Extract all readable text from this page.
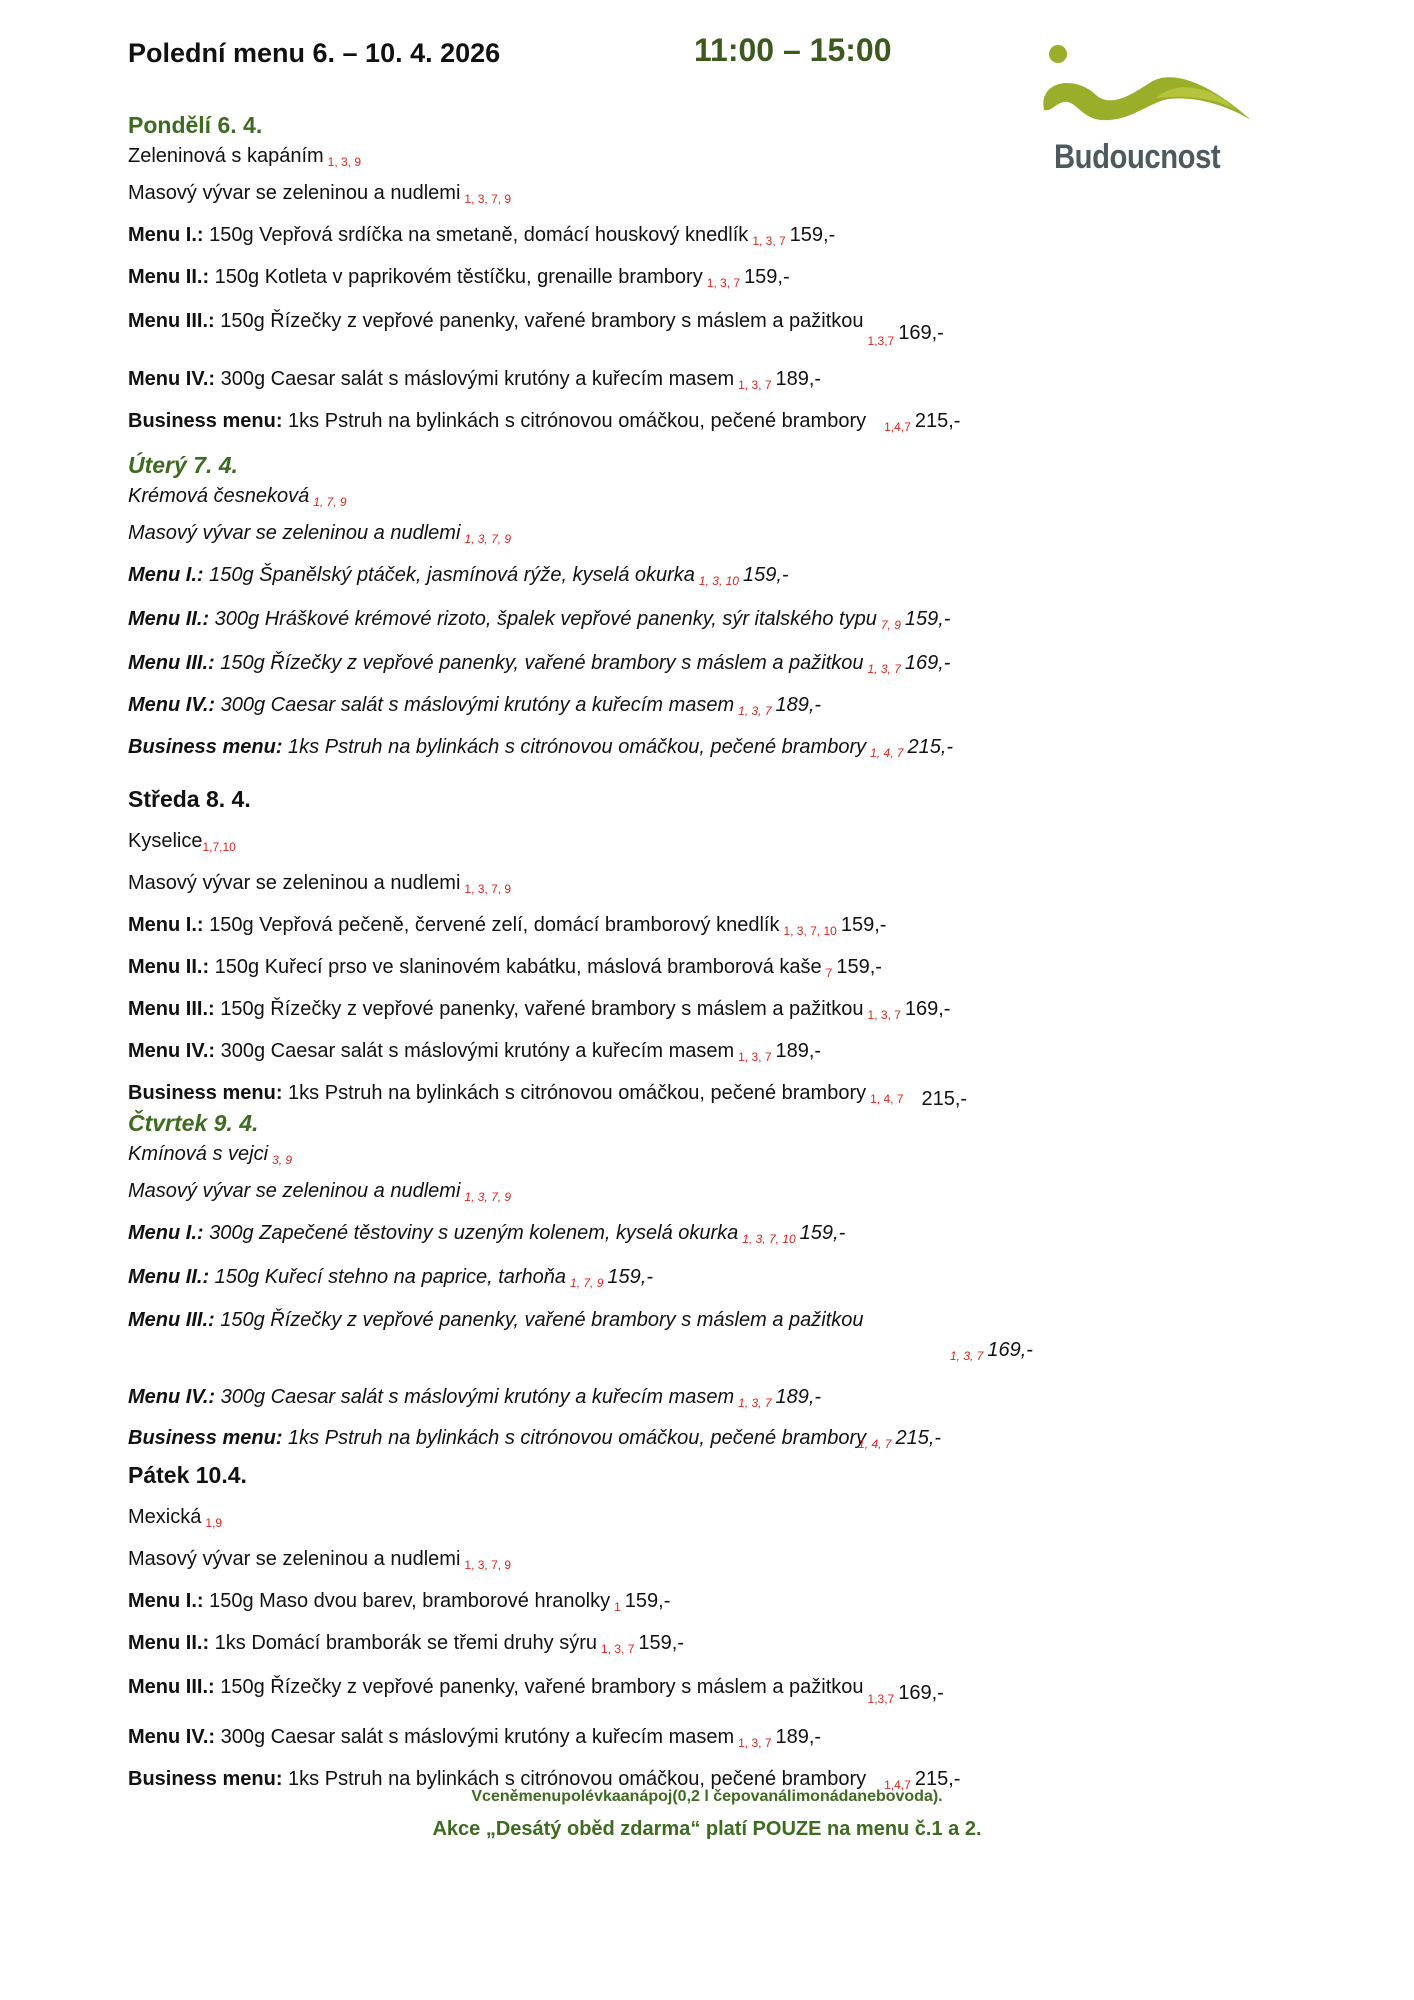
Polední menu 6. – 10. 4. 2026	11:00 – 15:00
Budoucnost
Pondělí 6. 4.
Zeleninová s kapáním $_{1, 3, 9}$
Masový vývar se zeleninou a nudlemi $_{1, 3, 7, 9}$
Menu I.: 150g Vepřová srdíčka na smetaně, domácí houskový knedlík $_{1, 3, 7}$ 159,-
Menu II.: 150g Kotleta v paprikovém těstíčku, grenaille brambory $_{1, 3, 7}$ 159,-
Menu III.: 150g Řízečky z vepřové panenky, vařené brambory s máslem a pažitkou$_{1,3,7}$ 169,-
Menu IV.: 300g Caesar salát s máslovými krutóny a kuřecím masem $_{1, 3, 7}$ 189,-
Business menu: 1ks Pstruh na bylinkách s citrónovou omáčkou, pečené brambory $_{1,4,7}$ 215,-
Úterý 7. 4.
Krémová česneková $_{1, 7, 9}$
Masový vývar se zeleninou a nudlemi $_{1, 3, 7, 9}$
Menu I.: 150g Španělský ptáček, jasmínová rýže, kyselá okurka $_{1, 3, 10}$ 159,-
Menu II.: 300g Hráškové krémové rizoto, špalek vepřové panenky, sýr italského typu $_{7, 9}$ 159,-
Menu III.: 150g Řízečky z vepřové panenky, vařené brambory s máslem a pažitkou $_{1, 3, 7}$ 169,-
Menu IV.: 300g Caesar salát s máslovými krutóny a kuřecím masem $_{1, 3, 7}$ 189,-
Business menu: 1ks Pstruh na bylinkách s citrónovou omáčkou, pečené brambory $_{1, 4, 7}$ 215,-
Středa 8. 4.
Kyselice$_{1,7,10}$
Masový vývar se zeleninou a nudlemi $_{1, 3, 7, 9}$
Menu I.: 150g Vepřová pečeně, červené zelí, domácí bramborový knedlík $_{1, 3, 7, 10}$ 159,-
Menu II.: 150g Kuřecí prso ve slaninovém kabátku, máslová bramborová kaše $_7$ 159,-
Menu III.: 150g Řízečky z vepřové panenky, vařené brambory s máslem a pažitkou $_{1, 3, 7}$ 169,-
Menu IV.: 300g Caesar salát s máslovými krutóny a kuřecím masem $_{1, 3, 7}$ 189,-
Business menu: 1ks Pstruh na bylinkách s citrónovou omáčkou, pečené brambory $_{1, 4, 7}$ 215,-
Čtvrtek 9. 4.
Kmínová s vejci $_{3, 9}$
Masový vývar se zeleninou a nudlemi $_{1, 3, 7, 9}$
Menu I.: 300g Zapečené těstoviny s uzeným kolenem, kyselá okurka $_{1, 3, 7, 10}$ 159,-
Menu II.: 150g Kuřecí stehno na paprice, tarhoňa $_{1, 7, 9}$ 159,-
Menu III.: 150g Řízečky z vepřové panenky, vařené brambory s máslem a pažitkou
$_{1, 3, 7}$ 169,-
Menu IV.: 300g Caesar salát s máslovými krutóny a kuřecím masem $_{1, 3, 7}$ 189,-
Business menu: 1ks Pstruh na bylinkách s citrónovou omáčkou, pečené brambory$_{1, 4, 7}$ 215,-
Pátek 10.4.
Mexická $_{1,9}$
Masový vývar se zeleninou a nudlemi $_{1, 3, 7, 9}$
Menu I.: 150g Maso dvou barev, bramborové hranolky $_1$ 159,-
Menu II.: 1ks Domácí bramborák se třemi druhy sýru $_{1, 3, 7}$ 159,-
Menu III.: 150g Řízečky z vepřové panenky, vařené brambory s máslem a pažitkou$_{1,3,7}$ 169,-
Menu IV.: 300g Caesar salát s máslovými krutóny a kuřecím masem $_{1, 3, 7}$ 189,-
Business menu: 1ks Pstruh na bylinkách s citrónovou omáčkou, pečené brambory $_{1,4,7}$ 215,-
Vceněmenupolévkaanápoj(0,2 l čepovanálimonádanebovoda).
Akce „Desátý oběd zdarma“ platí POUZE na menu č.1 a 2.
